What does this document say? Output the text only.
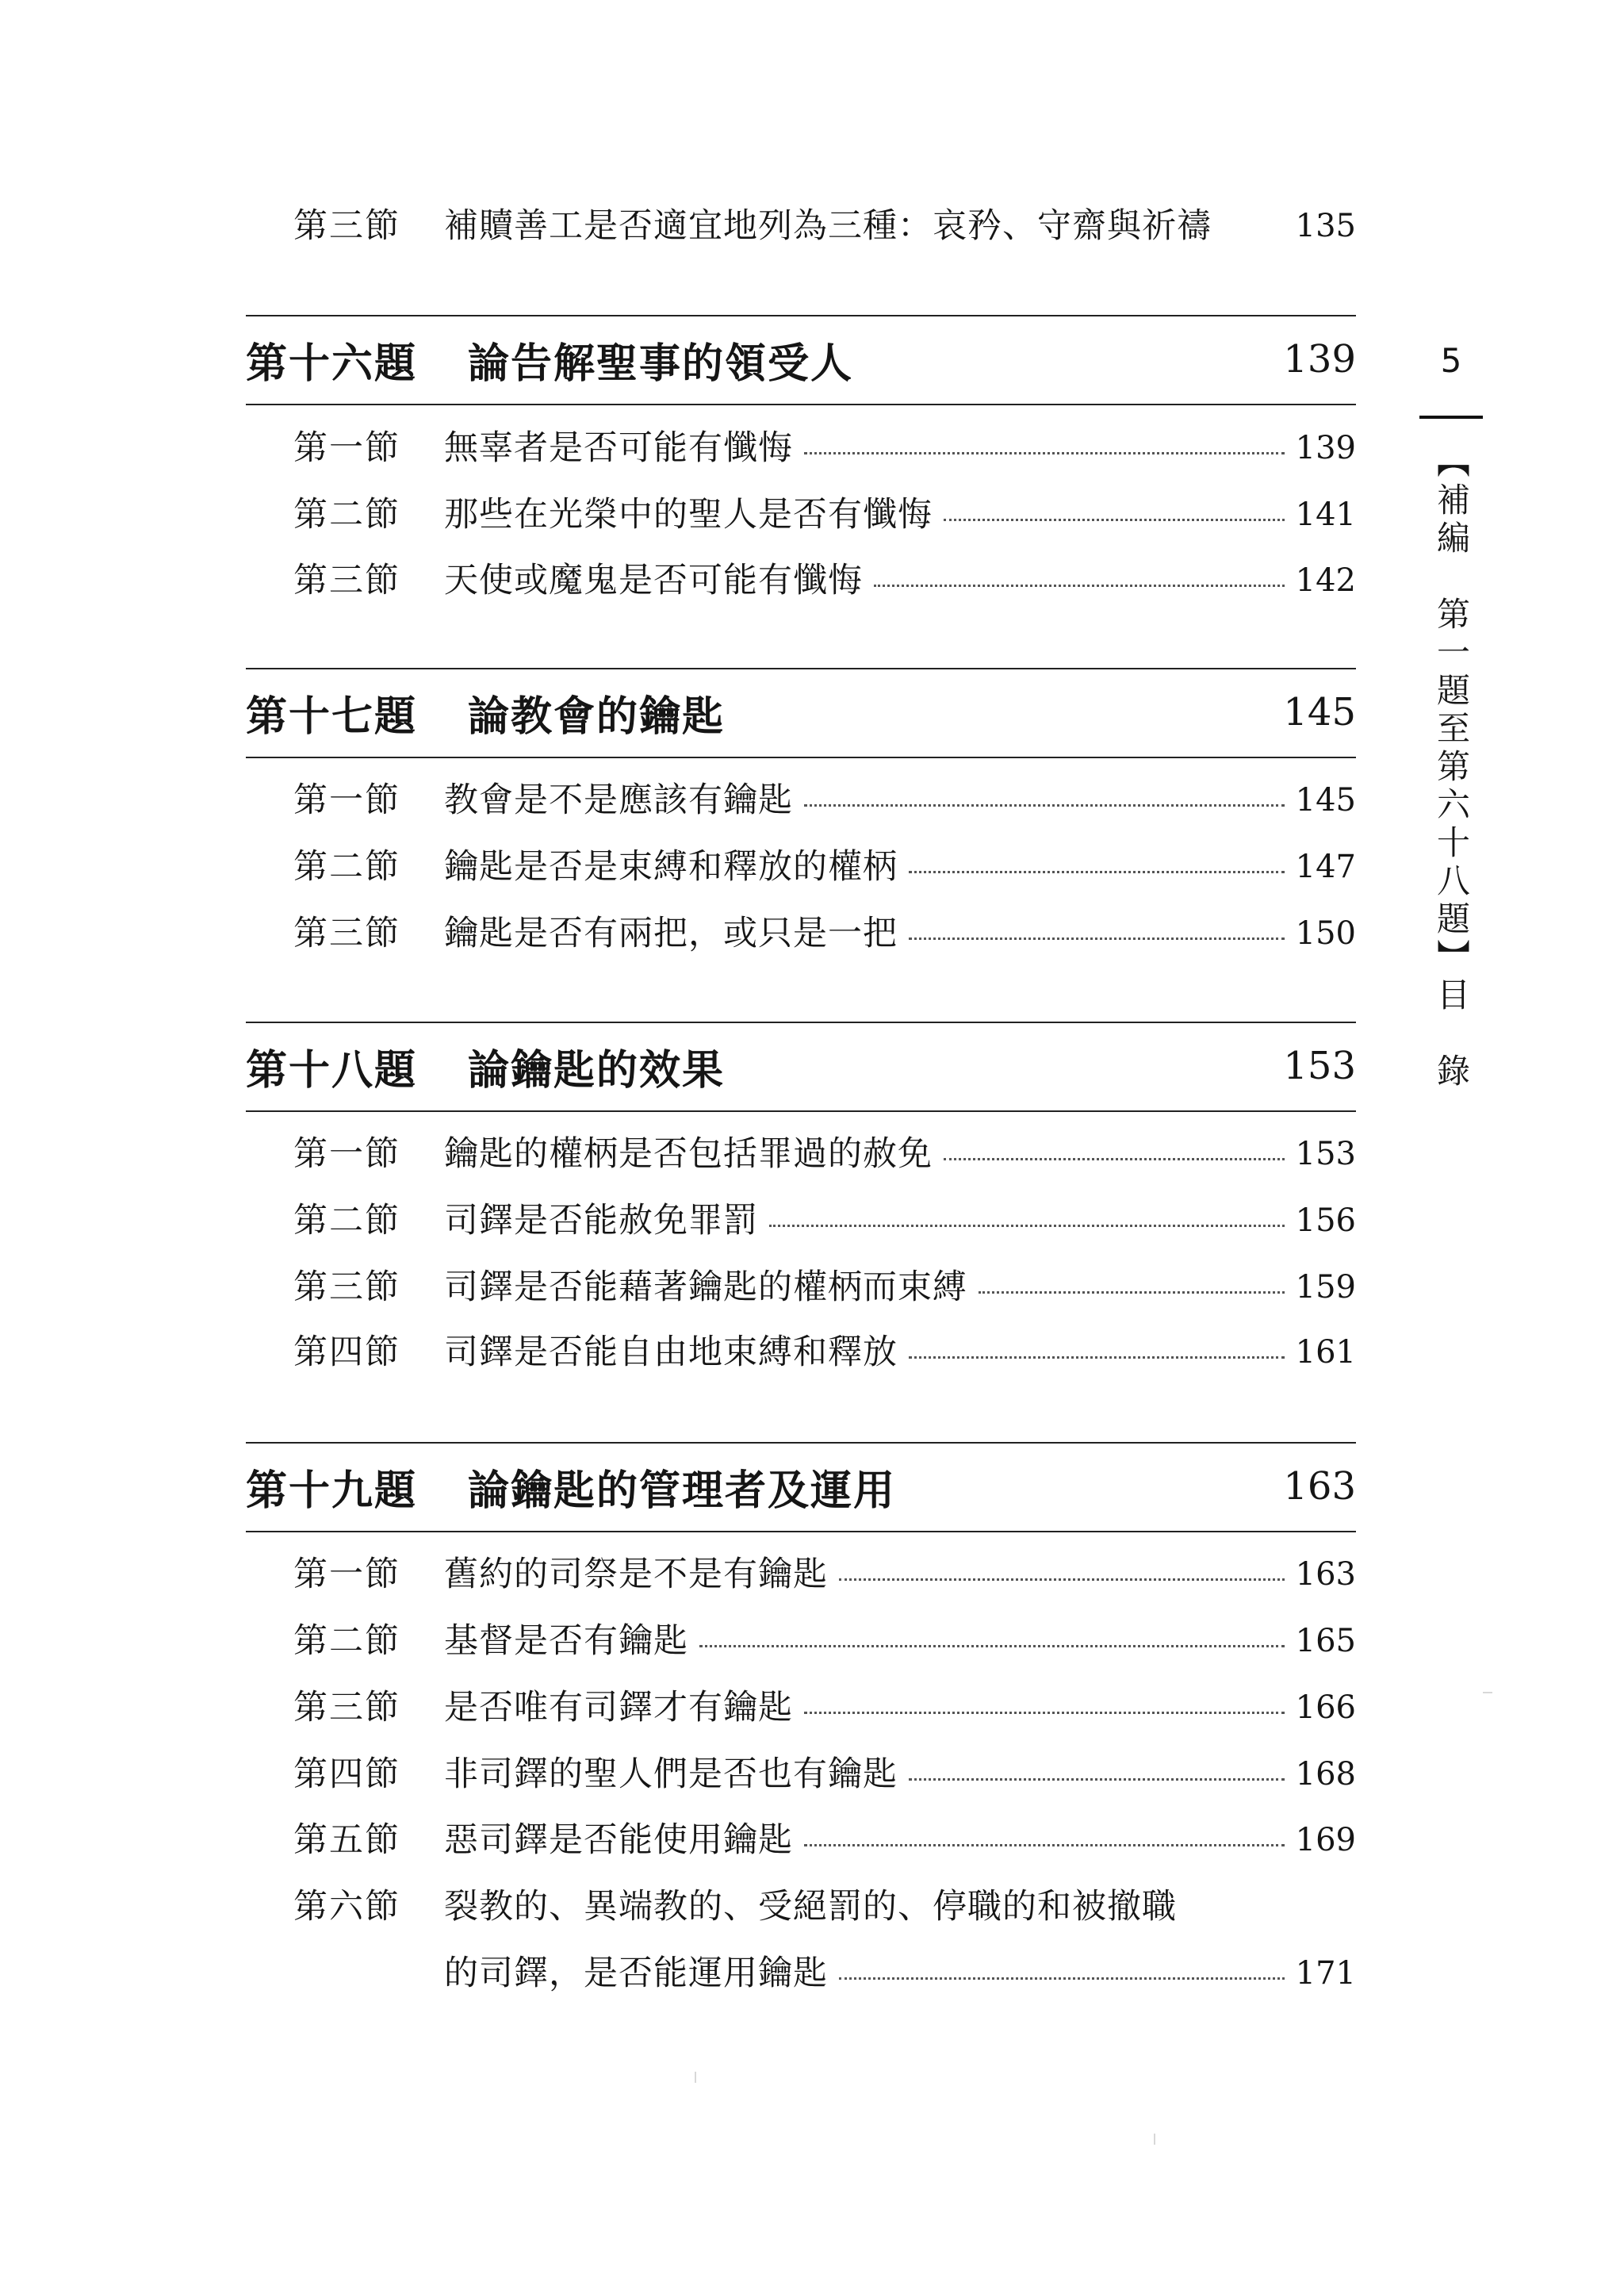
第三節	補贖善工是否適宜地列為三種：哀矜、守齋與祈禱	135
第十六題	論告解聖事的領受人	139
第一節	無辜者是否可能有懺悔	139
第二節	那些在光榮中的聖人是否有懺悔	141
第三節	天使或魔鬼是否可能有懺悔	142
第十七題	論教會的鑰匙	145
第一節	教會是不是應該有鑰匙	145
第二節	鑰匙是否是束縛和釋放的權柄	147
第三節	鑰匙是否有兩把，或只是一把	150
第十八題	論鑰匙的效果	153
第一節	鑰匙的權柄是否包括罪過的赦免	153
第二節	司鐸是否能赦免罪罰	156
第三節	司鐸是否能藉著鑰匙的權柄而束縛	159
第四節	司鐸是否能自由地束縛和釋放	161
第十九題	論鑰匙的管理者及運用	163
第一節	舊約的司祭是不是有鑰匙	163
第二節	基督是否有鑰匙	165
第三節	是否唯有司鐸才有鑰匙	166
第四節	非司鐸的聖人們是否也有鑰匙	168
第五節	惡司鐸是否能使用鑰匙	169
第六節	裂教的、異端教的、受絕罰的、停職的和被撤職
的司鐸，是否能運用鑰匙	171
5
【補編　第一題至第六十八題】目　錄
